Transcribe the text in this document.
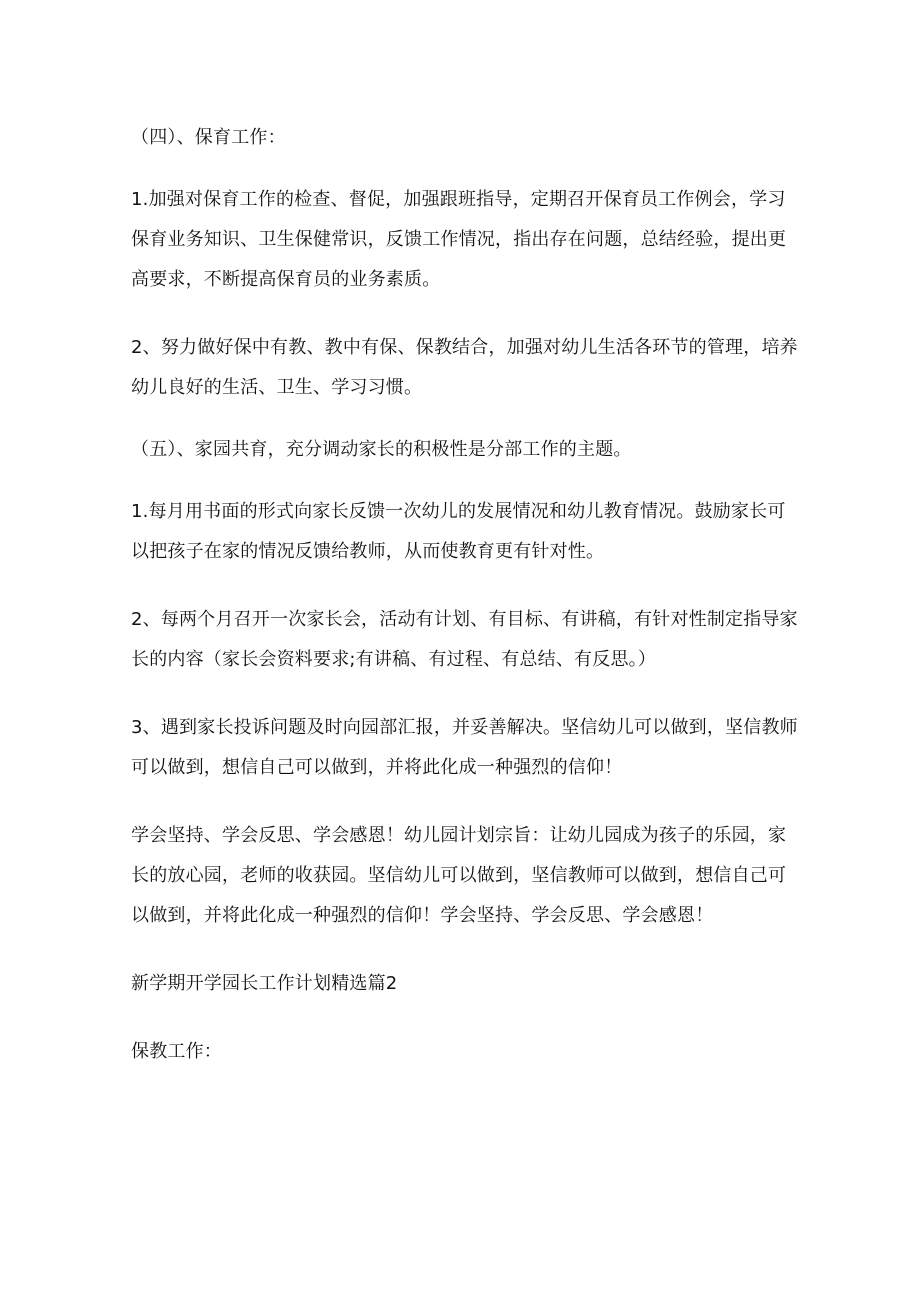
（四）、保育工作：

1.加强对保育工作的检查、督促，加强跟班指导，定期召开保育员工作例会，学习保育业务知识、卫生保健常识，反馈工作情况，指出存在问题，总结经验，提出更高要求，不断提高保育员的业务素质。

2、努力做好保中有教、教中有保、保教结合，加强对幼儿生活各环节的管理，培养幼儿良好的生活、卫生、学习习惯。

（五）、家园共育，充分调动家长的积极性是分部工作的主题。

1.每月用书面的形式向家长反馈一次幼儿的发展情况和幼儿教育情况。鼓励家长可以把孩子在家的情况反馈给教师，从而使教育更有针对性。

2、每两个月召开一次家长会，活动有计划、有目标、有讲稿，有针对性制定指导家长的内容（家长会资料要求;有讲稿、有过程、有总结、有反思。）

3、遇到家长投诉问题及时向园部汇报，并妥善解决。坚信幼儿可以做到，坚信教师可以做到，想信自己可以做到，并将此化成一种强烈的信仰！

学会坚持、学会反思、学会感恩！幼儿园计划宗旨：让幼儿园成为孩子的乐园，家长的放心园，老师的收获园。坚信幼儿可以做到，坚信教师可以做到，想信自己可以做到，并将此化成一种强烈的信仰！学会坚持、学会反思、学会感恩！

新学期开学园长工作计划精选篇2

保教工作：
